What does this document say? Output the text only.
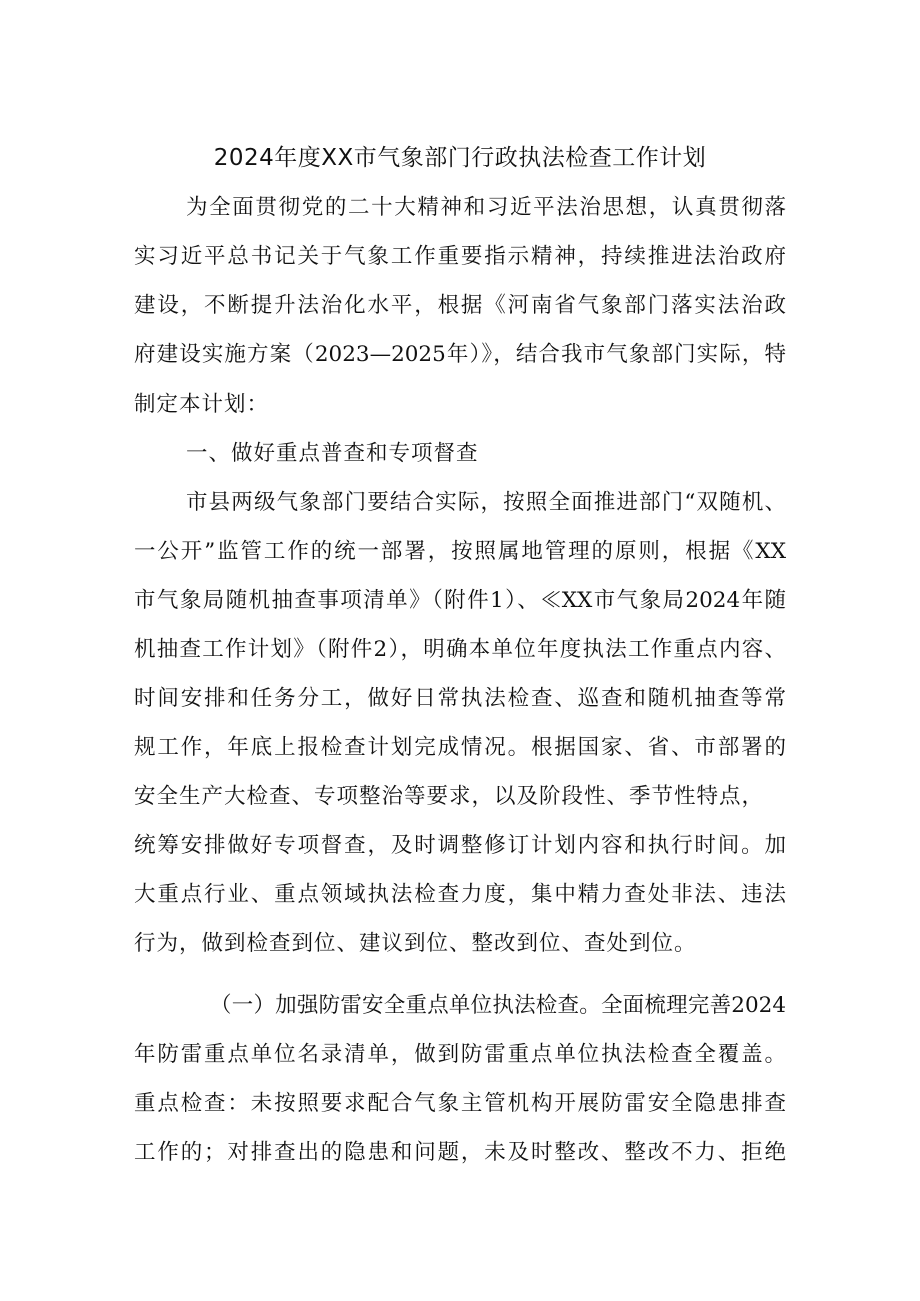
2024年度XX市气象部门行政执法检查工作计划
为全面贯彻党的二十大精神和习近平法治思想，认真贯彻落
实习近平总书记关于气象工作重要指示精神，持续推进法治政府
建设，不断提升法治化水平，根据《河南省气象部门落实法治政
府建设实施方案（2023—2025年）》，结合我市气象部门实际，特
制定本计划：
一、做好重点普查和专项督查
市县两级气象部门要结合实际，按照全面推进部门“双随机、
一公开”监管工作的统一部署，按照属地管理的原则，根据《XX
市气象局随机抽查事项清单》（附件1）、≪XX市气象局2024年随
机抽查工作计划》（附件2），明确本单位年度执法工作重点内容、
时间安排和任务分工，做好日常执法检查、巡查和随机抽查等常
规工作，年底上报检查计划完成情况。根据国家、省、市部署的
安全生产大检查、专项整治等要求，以及阶段性、季节性特点，
统筹安排做好专项督查，及时调整修订计划内容和执行时间。加
大重点行业、重点领域执法检查力度，集中精力查处非法、违法
行为，做到检查到位、建议到位、整改到位、查处到位。
（一）加强防雷安全重点单位执法检查。全面梳理完善2024
年防雷重点单位名录清单，做到防雷重点单位执法检查全覆盖。
重点检查：未按照要求配合气象主管机构开展防雷安全隐患排查
工作的；对排查出的隐患和问题，未及时整改、整改不力、拒绝
